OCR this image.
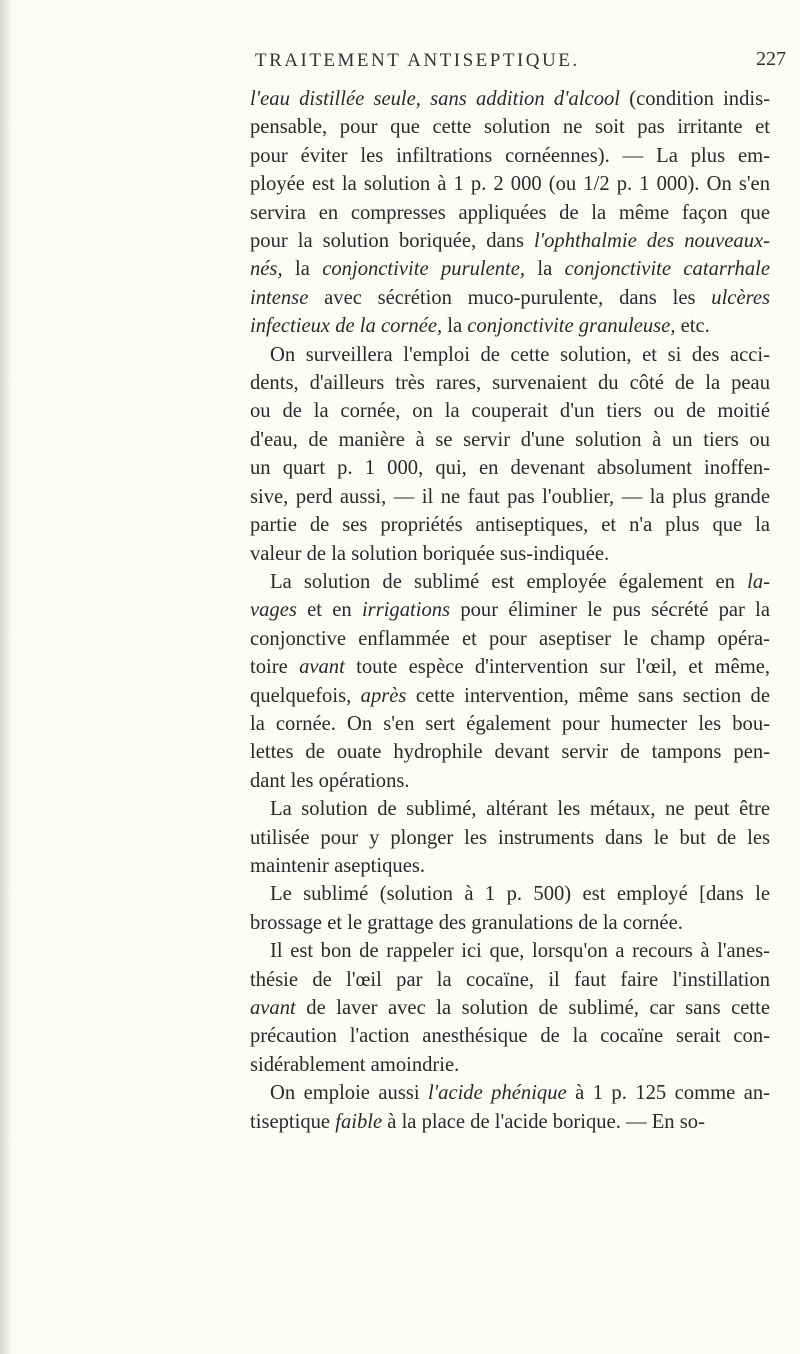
TRAITEMENT ANTISEPTIQUE.	227
l'eau distillée seule, sans addition d'alcool (condition indis-
pensable, pour que cette solution ne soit pas irritante et
pour éviter les infiltrations cornéennes). — La plus em-
ployée est la solution à 1 p. 2 000 (ou 1/2 p. 1 000). On s'en
servira en compresses appliquées de la même façon que
pour la solution boriquée, dans l'ophthalmie des nouveaux-
nés, la conjonctivite purulente, la conjonctivite catarrhale
intense avec sécrétion muco-purulente, dans les ulcères
infectieux de la cornée, la conjonctivite granuleuse, etc.
On surveillera l'emploi de cette solution, et si des acci-
dents, d'ailleurs très rares, survenaient du côté de la peau
ou de la cornée, on la couperait d'un tiers ou de moitié
d'eau, de manière à se servir d'une solution à un tiers ou
un quart p. 1 000, qui, en devenant absolument inoffen-
sive, perd aussi, — il ne faut pas l'oublier, — la plus grande
partie de ses propriétés antiseptiques, et n'a plus que la
valeur de la solution boriquée sus-indiquée.
La solution de sublimé est employée également en la-
vages et en irrigations pour éliminer le pus sécrété par la
conjonctive enflammée et pour aseptiser le champ opéra-
toire avant toute espèce d'intervention sur l'œil, et même,
quelquefois, après cette intervention, même sans section de
la cornée. On s'en sert également pour humecter les bou-
lettes de ouate hydrophile devant servir de tampons pen-
dant les opérations.
La solution de sublimé, altérant les métaux, ne peut être
utilisée pour y plonger les instruments dans le but de les
maintenir aseptiques.
Le sublimé (solution à 1 p. 500) est employé [dans le
brossage et le grattage des granulations de la cornée.
Il est bon de rappeler ici que, lorsqu'on a recours à l'anes-
thésie de l'œil par la cocaïne, il faut faire l'instillation
avant de laver avec la solution de sublimé, car sans cette
précaution l'action anesthésique de la cocaïne serait con-
sidérablement amoindrie.
On emploie aussi l'acide phénique à 1 p. 125 comme an-
tiseptique faible à la place de l'acide borique. — En so-
